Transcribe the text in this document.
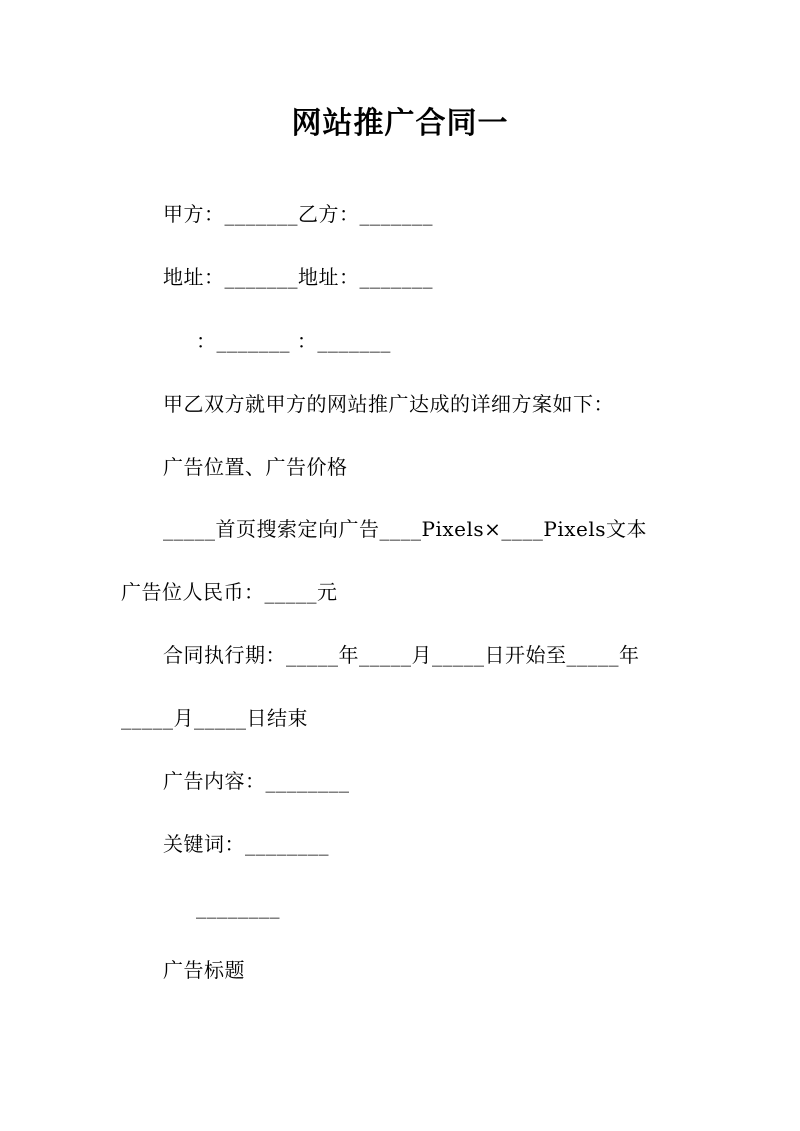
网站推广合同一
甲方：_______乙方：_______
地址：_______地址：_______
：_______ ：_______
甲乙双方就甲方的网站推广达成的详细方案如下：
广告位置、广告价格
_____首页搜索定向广告____Pixels×____Pixels文本
广告位人民币：_____元
合同执行期：_____年_____月_____日开始至_____年
_____月_____日结束
广告内容：________
关键词：________
________
广告标题
